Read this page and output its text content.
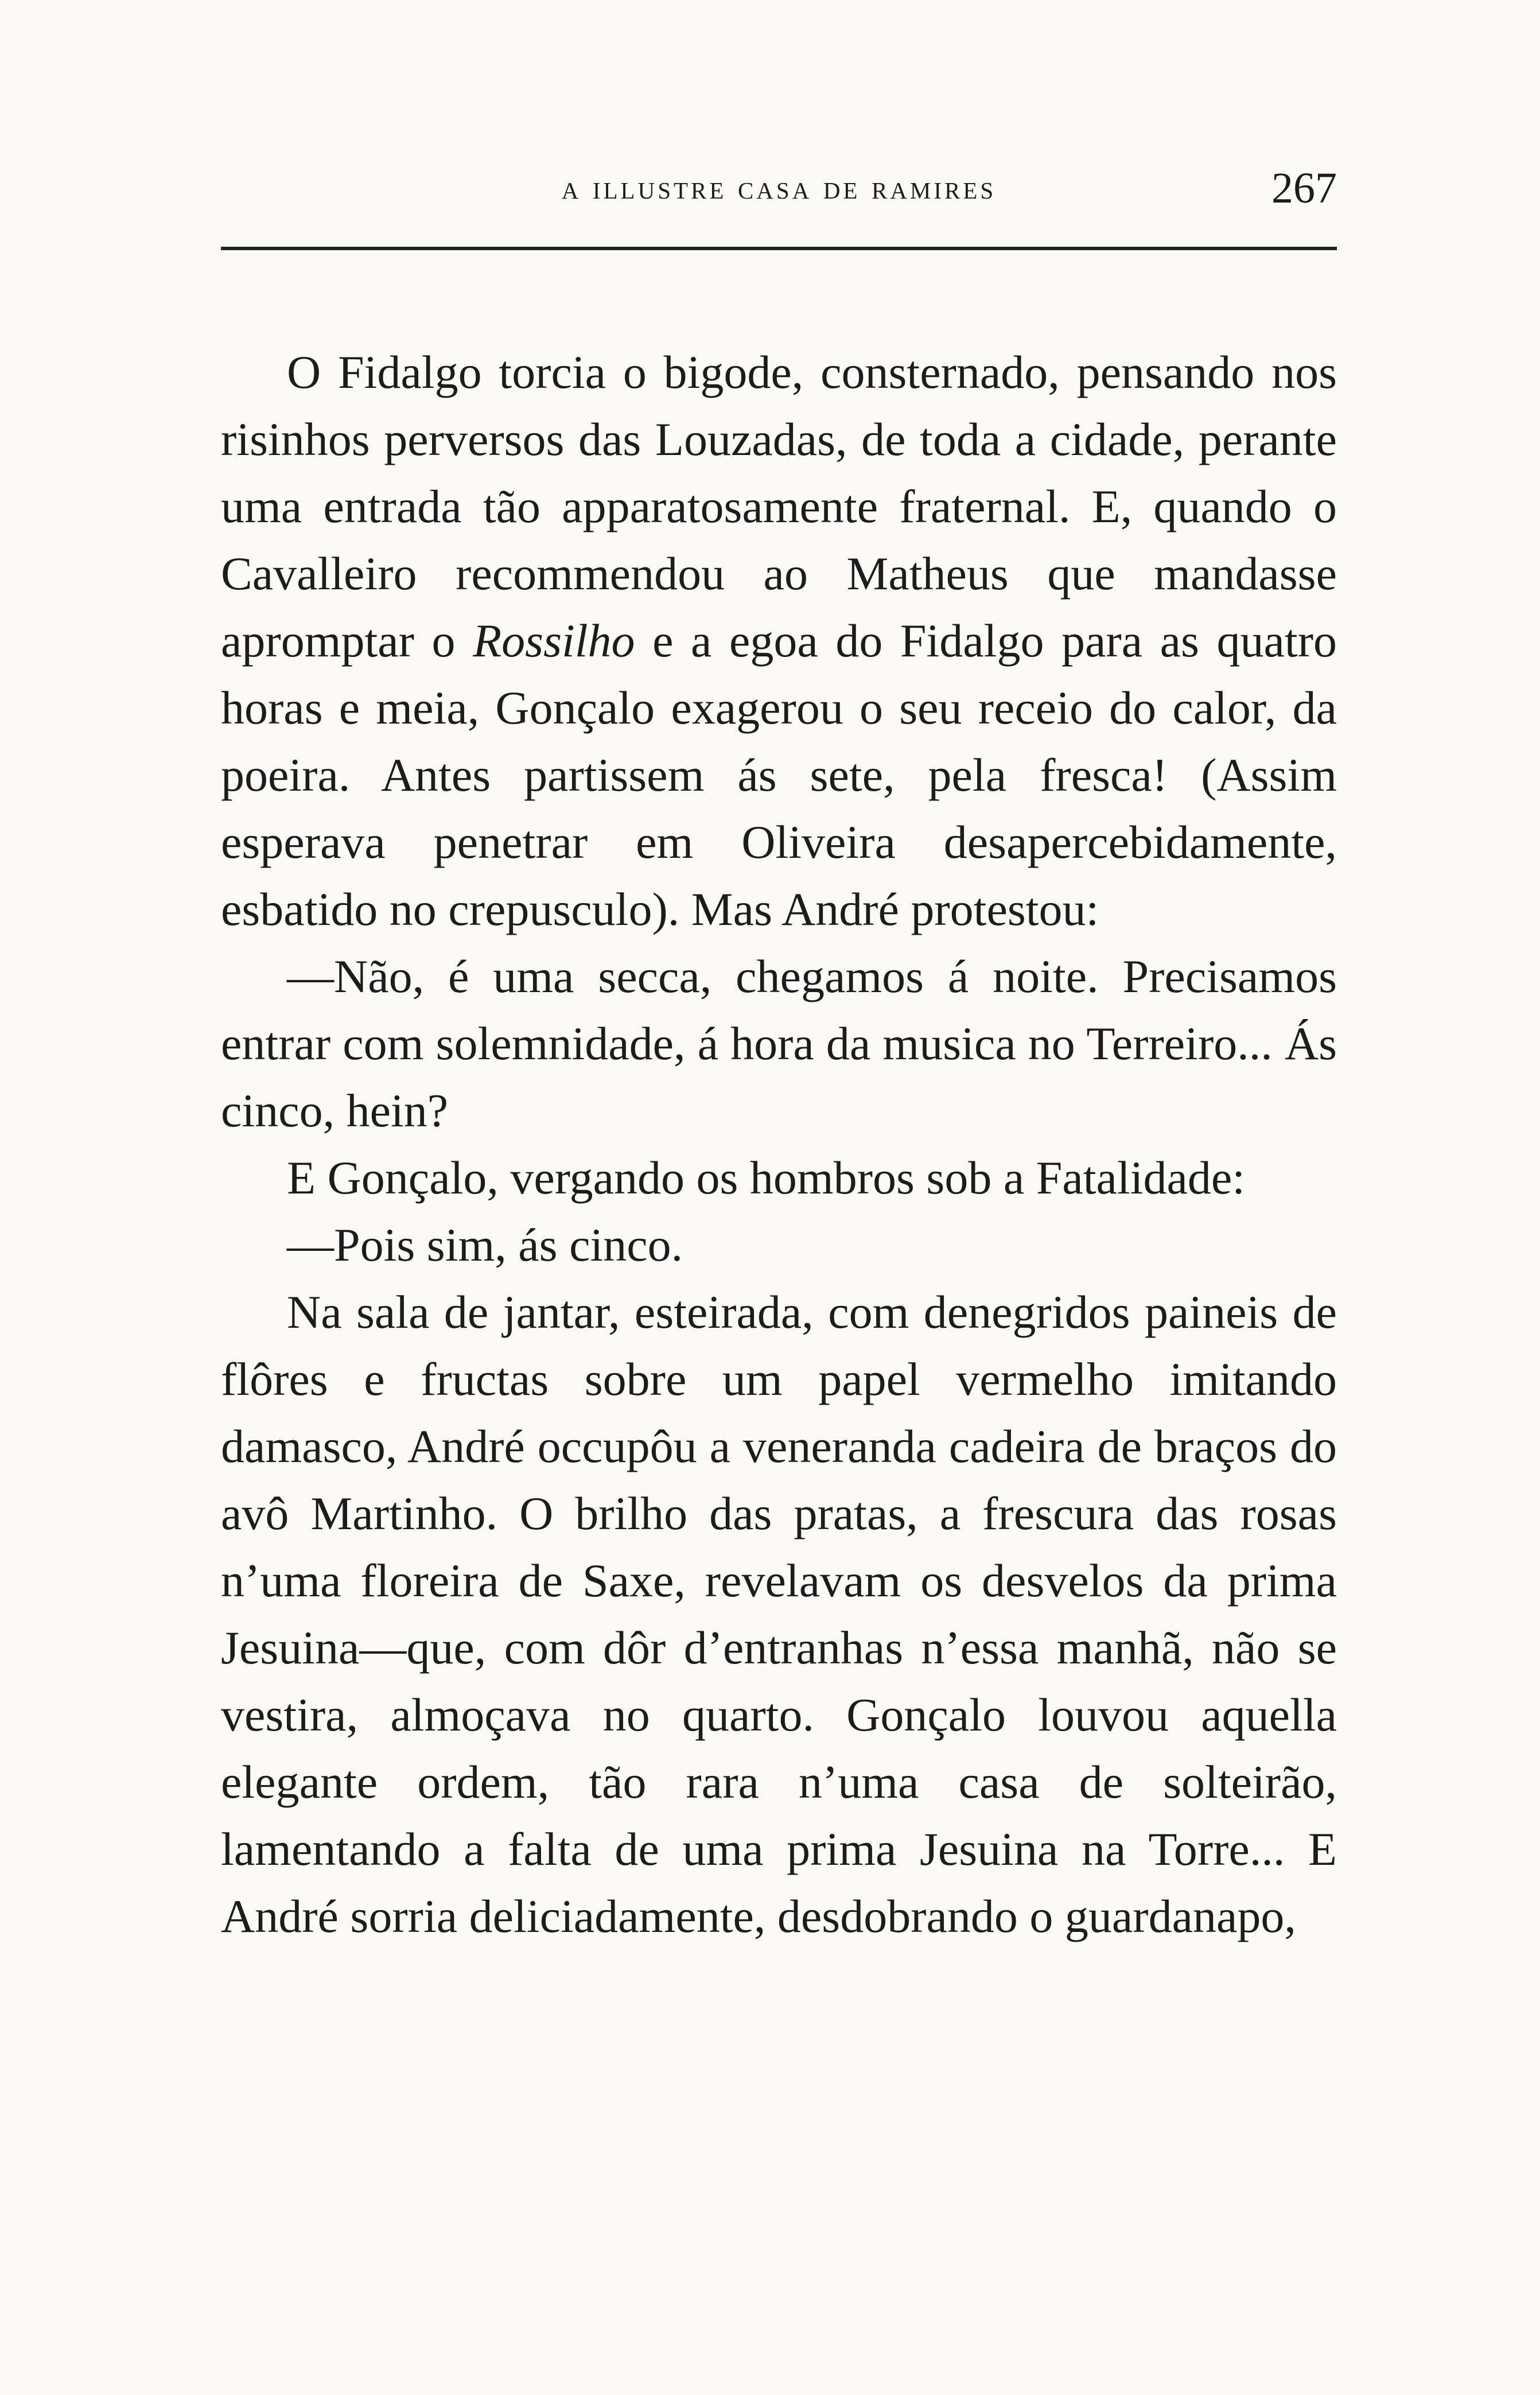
a illustre casa de ramires	267

O Fidalgo torcia o bigode, consternado, pensando nos risinhos perversos das Louzadas, de toda a cidade, perante uma entrada tão apparatosamente fraternal. E, quando o Cavalleiro recommendou ao Matheus que mandasse apromptar o Rossilho e a egoa do Fidalgo para as quatro horas e meia, Gonçalo exagerou o seu receio do calor, da poeira. Antes partissem ás sete, pela fresca! (Assim esperava penetrar em Oliveira desapercebidamente, esbatido no crepusculo). Mas André protestou:

—Não, é uma secca, chegamos á noite. Precisamos entrar com solemnidade, á hora da musica no Terreiro... Ás cinco, hein?

E Gonçalo, vergando os hombros sob a Fatalidade:

—Pois sim, ás cinco.

Na sala de jantar, esteirada, com denegridos paineis de flôres e fructas sobre um papel vermelho imitando damasco, André occupôu a veneranda cadeira de braços do avô Martinho. O brilho das pratas, a frescura das rosas n’uma floreira de Saxe, revelavam os desvelos da prima Jesuina—que, com dôr d’entranhas n’essa manhã, não se vestira, almoçava no quarto. Gonçalo louvou aquella elegante ordem, tão rara n’uma casa de solteirão, lamentando a falta de uma prima Jesuina na Torre... E André sorria deliciadamente, desdobrando o guardanapo,
